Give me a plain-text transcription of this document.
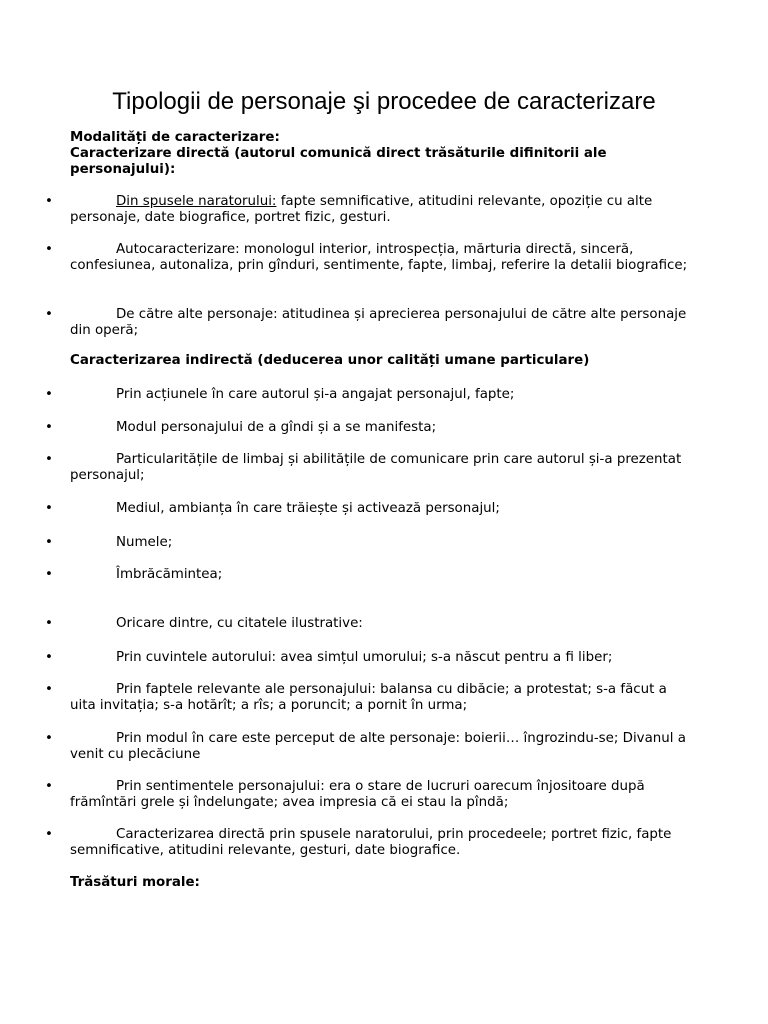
Tipologii de personaje şi procedee de caracterizare
Modalități de caracterizare:
Caracterizare directă (autorul comunică direct trăsăturile difinitorii ale personajului):
•	Din spusele naratorului: fapte semnificative, atitudini relevante, opoziție cu alte personaje, date biografice, portret fizic, gesturi.
•	Autocaracterizare: monologul interior, introspecția, mărturia directă, sinceră, confesiunea, autonaliza, prin gînduri, sentimente, fapte, limbaj, referire la detalii biografice;
•	De către alte personaje: atitudinea și aprecierea personajului de către alte personaje din operă;
Caracterizarea indirectă (deducerea unor calități umane particulare)
•	Prin acțiunele în care autorul și-a angajat personajul, fapte;
•	Modul personajului de a gîndi și a se manifesta;
•	Particularitățile de limbaj și abilitățile de comunicare prin care autorul și-a prezentat personajul;
•	Mediul, ambianța în care trăiește și activează personajul;
•	Numele;
•	Îmbrăcămintea;
•	Oricare dintre, cu citatele ilustrative:
•	Prin cuvintele autorului: avea simțul umorului; s-a născut pentru a fi liber;
•	Prin faptele relevante ale personajului: balansa cu dibăcie; a protestat; s-a făcut a uita invitația; s-a hotărît; a rîs; a poruncit; a pornit în urma;
•	Prin modul în care este perceput de alte personaje: boierii… îngrozindu-se; Divanul a venit cu plecăciune
•	Prin sentimentele personajului: era o stare de lucruri oarecum înjositoare după frămîntări grele și îndelungate; avea impresia că ei stau la pîndă;
•	Caracterizarea directă prin spusele naratorului, prin procedeele; portret fizic, fapte semnificative, atitudini relevante, gesturi, date biografice.
Trăsături morale:
